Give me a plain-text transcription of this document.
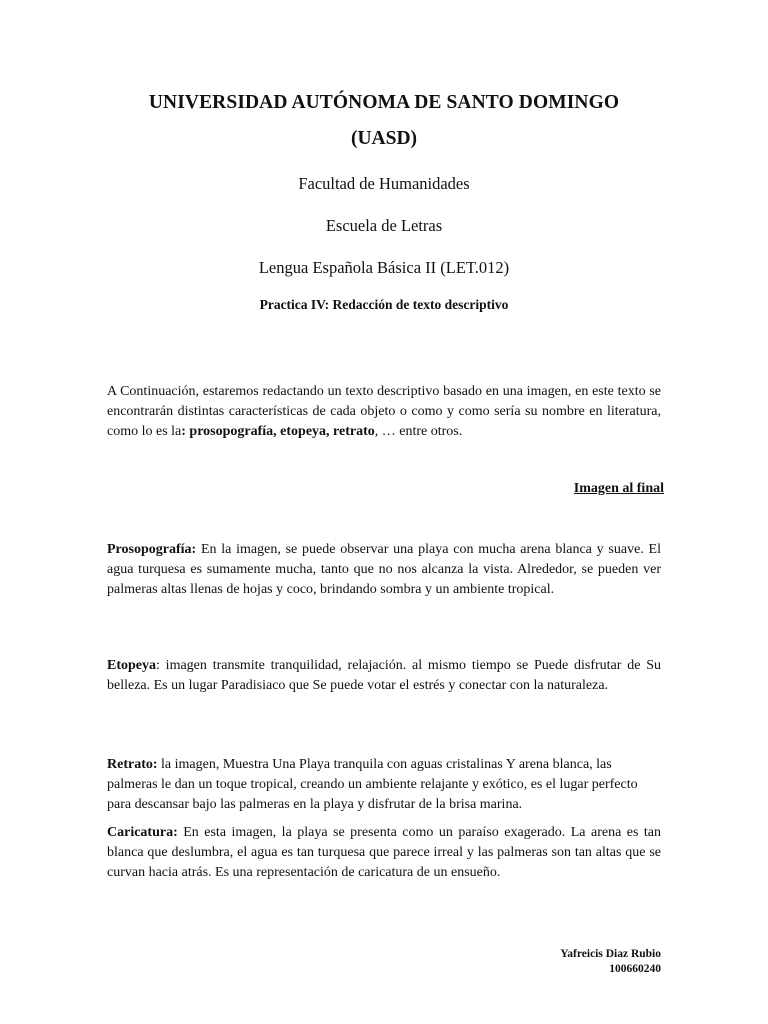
UNIVERSIDAD AUTÓNOMA DE SANTO DOMINGO
(UASD)
Facultad de Humanidades
Escuela de Letras
Lengua Española Básica II (LET.012)
Practica IV: Redacción de texto descriptivo
A Continuación, estaremos redactando un texto descriptivo basado en una imagen, en este texto se encontrarán distintas características de cada objeto o como y como sería su nombre en literatura, como lo es la: prosopografía, etopeya, retrato, … entre otros.
Imagen al final
Prosopografía: En la imagen, se puede observar una playa con mucha arena blanca y suave. El agua turquesa es sumamente mucha, tanto que no nos alcanza la vista. Alrededor, se pueden ver palmeras altas llenas de hojas y coco, brindando sombra y un ambiente tropical.
Etopeya: imagen transmite tranquilidad, relajación. al mismo tiempo se Puede disfrutar de Su belleza. Es un lugar Paradisiaco que Se puede votar el estrés y conectar con la naturaleza.
Retrato: la imagen, Muestra Una Playa tranquila con aguas cristalinas Y arena blanca, las palmeras le dan un toque tropical, creando un ambiente relajante y exótico, es el lugar perfecto para descansar bajo las palmeras en la playa y disfrutar de la brisa marina.
Caricatura: En esta imagen, la playa se presenta como un paraíso exagerado. La arena es tan blanca que deslumbra, el agua es tan turquesa que parece irreal y las palmeras son tan altas que se curvan hacia atrás. Es una representación de caricatura de un ensueño.
Yafreicis Diaz Rubio
100660240
